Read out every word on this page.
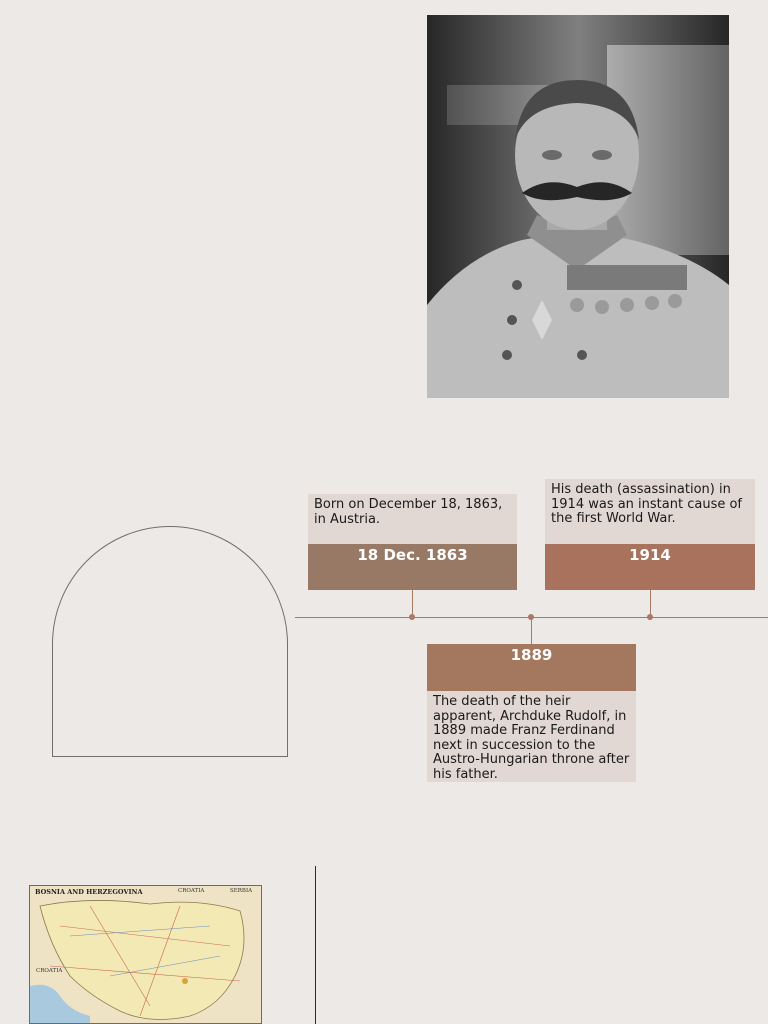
Born on December 18, 1863, in Austria.
18 Dec. 1863
His death (assassination) in 1914 was an instant cause of the first World War.
1914
1889
The death of the heir apparent, Archduke Rudolf, in 1889 made Franz Ferdinand next in succession to the Austro-Hungarian throne after his father.
BOSNIA AND HERZEGOVINA	CROATIA	SERBIA
CROATIA
